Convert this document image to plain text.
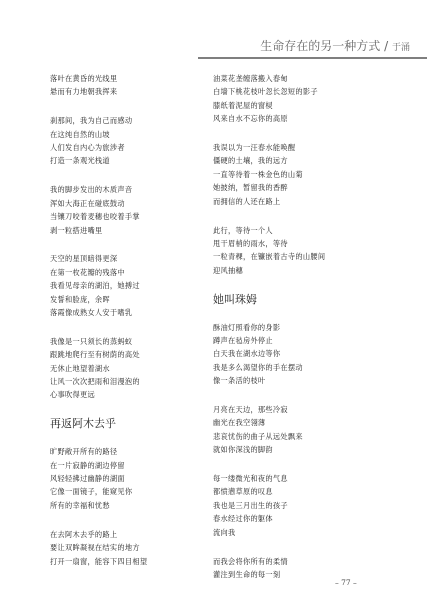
生命存在的另一种方式 / 于涌
落叶在黄昏的光线里
悬而有力地朝我挥来
刹那间，我为自己而感动
在这纯自然的山坡
人们发自内心为旅涉者
打造一条观光栈道
我的脚步发出的木质声音
浑如大海正在碰底鼓动
当镶刀咬着麦穗也咬着手掌
剥一粒搭进嘴里
天空的星顶暗得更深
在第一枚花瓣的残落中
我看见母亲的湖泊，她搏过
发誓和脸庞，余晖
落霞像成熟女人安于嗜乳
我像是一只须长的蒸蚂蚁
跟跳地爬行至有树荫的高处
无休止地望着湖水
让风一次次把雨和泪漫泡的
心事吹得更远
再返阿木去乎
旷野敞开所有的路径
在一片寂静的湖边停留
风轻轻拂过幽静的湖面
它像一面镜子，能窥见你
所有的幸福和忧愁
在去阿木去乎的路上
要让双眸凝视在结实的地方
打开一扇窗，能容下四目相望
油菜花垄缠落搬入春甸
白墙下桃花枝叶忽长忽短的影子
膝纸着泥屋的窗棂
风来自水不忘你的高原
我误以为一汪春水能唤醒
僵硬的土壤，我的远方
一直等待着一株金色的山菊
她披纳，暂留我的香醉
而拥信的人还在路上
此行，等待一个人
甩干眉梢的雨水，等待
一粒青稞，在镰嵌着古寺的山腰间
迎风抽穗
她叫珠姆
酥油灯照看你的身影
蹲声在毡房外停止
白天我在湖水边等你
我是多么渴望你的手在摆动
像一条活的枝叶
月亮在天边，那些冷寂
幽光在我空翎薄
悲哀忧伤的曲子从远处飘来
就如你深浅的脚韵
每一缕微光和夜的气息
都愤懑草原的叹息
我也是三月出生的孩子
春水经过你的躯体
流向我
而我会将你所有的柔情
灌注到生命的每一刻
– 77 –
